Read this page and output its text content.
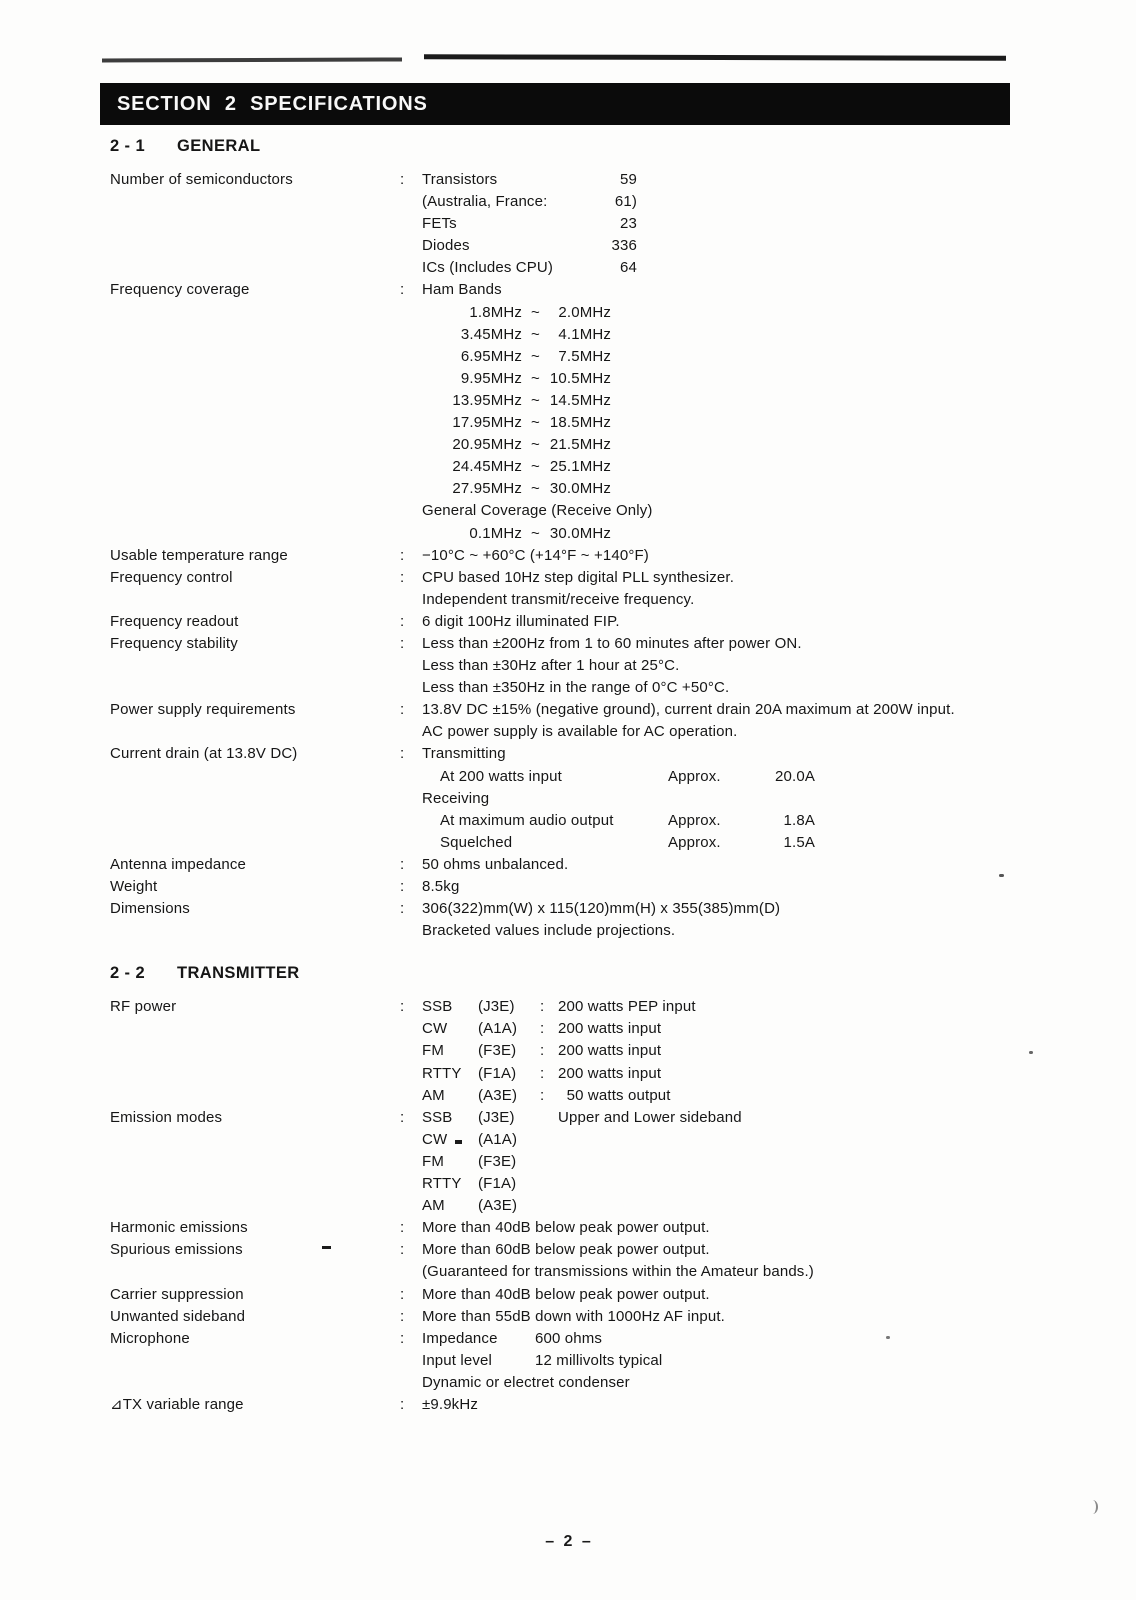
SECTION 2 SPECIFICATIONS
2 - 1 GENERAL
Number of semiconductors	:	Transistors	59
(Australia, France:	61)
FETs	23
Diodes	336
ICs (Includes CPU)	64
Frequency coverage	:	Ham Bands
1.8MHz ~ 2.0MHz
3.45MHz ~ 4.1MHz
6.95MHz ~ 7.5MHz
9.95MHz ~ 10.5MHz
13.95MHz ~ 14.5MHz
17.95MHz ~ 18.5MHz
20.95MHz ~ 21.5MHz
24.45MHz ~ 25.1MHz
27.95MHz ~ 30.0MHz
General Coverage (Receive Only)
0.1MHz ~ 30.0MHz
Usable temperature range	:	−10°C ~ +60°C (+14°F ~ +140°F)
Frequency control	:	CPU based 10Hz step digital PLL synthesizer.
Independent transmit/receive frequency.
Frequency readout	:	6 digit 100Hz illuminated FIP.
Frequency stability	:	Less than ±200Hz from 1 to 60 minutes after power ON.
Less than ±30Hz after 1 hour at 25°C.
Less than ±350Hz in the range of 0°C +50°C.
Power supply requirements	:	13.8V DC ±15% (negative ground), current drain 20A maximum at 200W input.
AC power supply is available for AC operation.
Current drain (at 13.8V DC)	:	Transmitting
At 200 watts input	Approx.	20.0A
Receiving
At maximum audio output	Approx.	1.8A
Squelched	Approx.	1.5A
Antenna impedance	:	50 ohms unbalanced.
Weight	:	8.5kg
Dimensions	:	306(322)mm(W) x 115(120)mm(H) x 355(385)mm(D)
Bracketed values include projections.
2 - 2 TRANSMITTER
RF power	:	SSB (J3E) : 200 watts PEP input
CW (A1A) : 200 watts input
FM (F3E) : 200 watts input
RTTY (F1A) : 200 watts input
AM (A3E) :  50 watts output
Emission modes	:	SSB (J3E)	Upper and Lower sideband
CW (A1A)
FM (F3E)
RTTY (F1A)
AM (A3E)
Harmonic emissions	:	More than 40dB below peak power output.
Spurious emissions	:	More than 60dB below peak power output.
(Guaranteed for transmissions within the Amateur bands.)
Carrier suppression	:	More than 40dB below peak power output.
Unwanted sideband	:	More than 55dB down with 1000Hz AF input.
Microphone	:	Impedance 600 ohms
Input level	12 millivolts typical
Dynamic or electret condenser
⊿TX variable range	:	±9.9kHz
– 2 –
